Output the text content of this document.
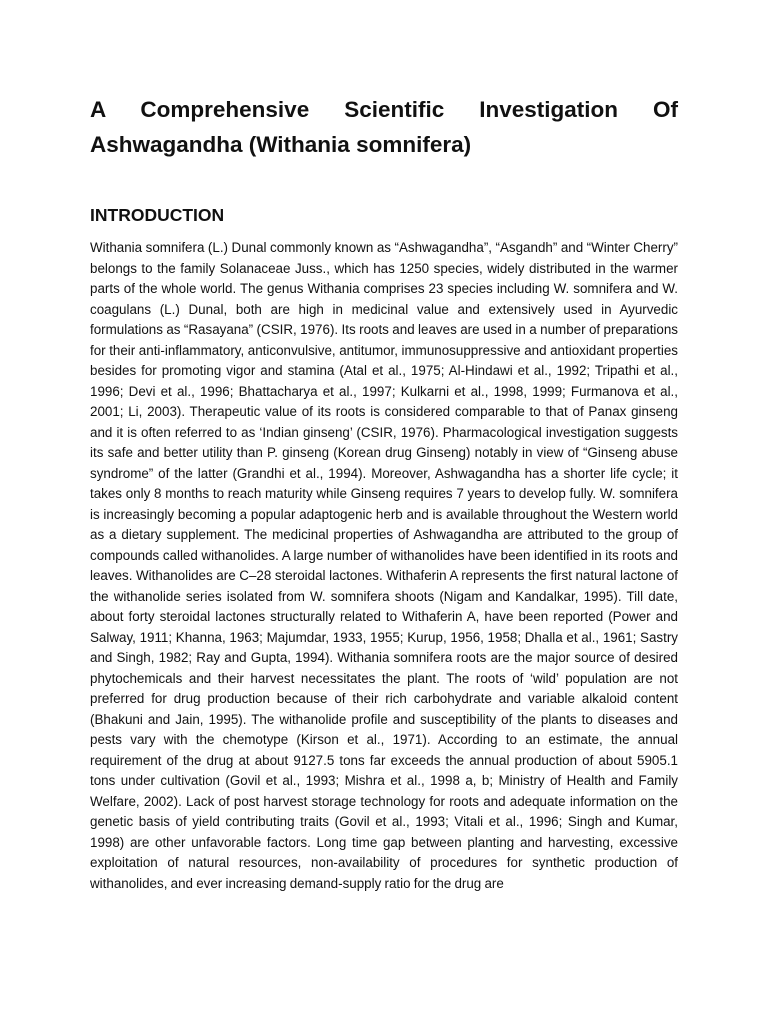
A Comprehensive Scientific Investigation Of
Ashwagandha (Withania somnifera)
INTRODUCTION

Withania somnifera (L.) Dunal commonly known as “Ashwagandha”, “Asgandh” and “Winter Cherry” belongs to the family Solanaceae Juss., which has 1250 species, widely distributed in the warmer parts of the whole world. The genus Withania comprises 23 species including W. somnifera and W. coagulans (L.) Dunal, both are high in medicinal value and extensively used in Ayurvedic formulations as “Rasayana” (CSIR, 1976). Its roots and leaves are used in a number of preparations for their anti-inflammatory, anticonvulsive, antitumor, immunosuppressive and antioxidant properties besides for promoting vigor and stamina (Atal et al., 1975; Al-Hindawi et al., 1992; Tripathi et al., 1996; Devi et al., 1996; Bhattacharya et al., 1997; Kulkarni et al., 1998, 1999; Furmanova et al., 2001; Li, 2003). Therapeutic value of its roots is considered comparable to that of Panax ginseng and it is often referred to as ‘Indian ginseng’ (CSIR, 1976). Pharmacological investigation suggests its safe and better utility than P. ginseng (Korean drug Ginseng) notably in view of “Ginseng abuse syndrome” of the latter (Grandhi et al., 1994). Moreover, Ashwagandha has a shorter life cycle; it takes only 8 months to reach maturity while Ginseng requires 7 years to develop fully. W. somnifera is increasingly becoming a popular adaptogenic herb and is available throughout the Western world as a dietary supplement. The medicinal properties of Ashwagandha are attributed to the group of compounds called withanolides. A large number of withanolides have been identified in its roots and leaves. Withanolides are C–28 steroidal lactones. Withaferin A represents the first natural lactone of the withanolide series isolated from W. somnifera shoots (Nigam and Kandalkar, 1995). Till date, about forty steroidal lactones structurally related to Withaferin A, have been reported (Power and Salway, 1911; Khanna, 1963; Majumdar, 1933, 1955; Kurup, 1956, 1958; Dhalla et al., 1961; Sastry and Singh, 1982; Ray and Gupta, 1994). Withania somnifera roots are the major source of desired phytochemicals and their harvest necessitates the plant. The roots of ‘wild’ population are not preferred for drug production because of their rich carbohydrate and variable alkaloid content (Bhakuni and Jain, 1995). The withanolide profile and susceptibility of the plants to diseases and pests vary with the chemotype (Kirson et al., 1971). According to an estimate, the annual requirement of the drug at about 9127.5 tons far exceeds the annual production of about 5905.1 tons under cultivation (Govil et al., 1993; Mishra et al., 1998 a, b; Ministry of Health and Family Welfare, 2002). Lack of post harvest storage technology for roots and adequate information on the genetic basis of yield contributing traits (Govil et al., 1993; Vitali et al., 1996; Singh and Kumar, 1998) are other unfavorable factors. Long time gap between planting and harvesting, excessive exploitation of natural resources, non-availability of procedures for synthetic production of withanolides, and ever increasing demand-supply ratio for the drug are
